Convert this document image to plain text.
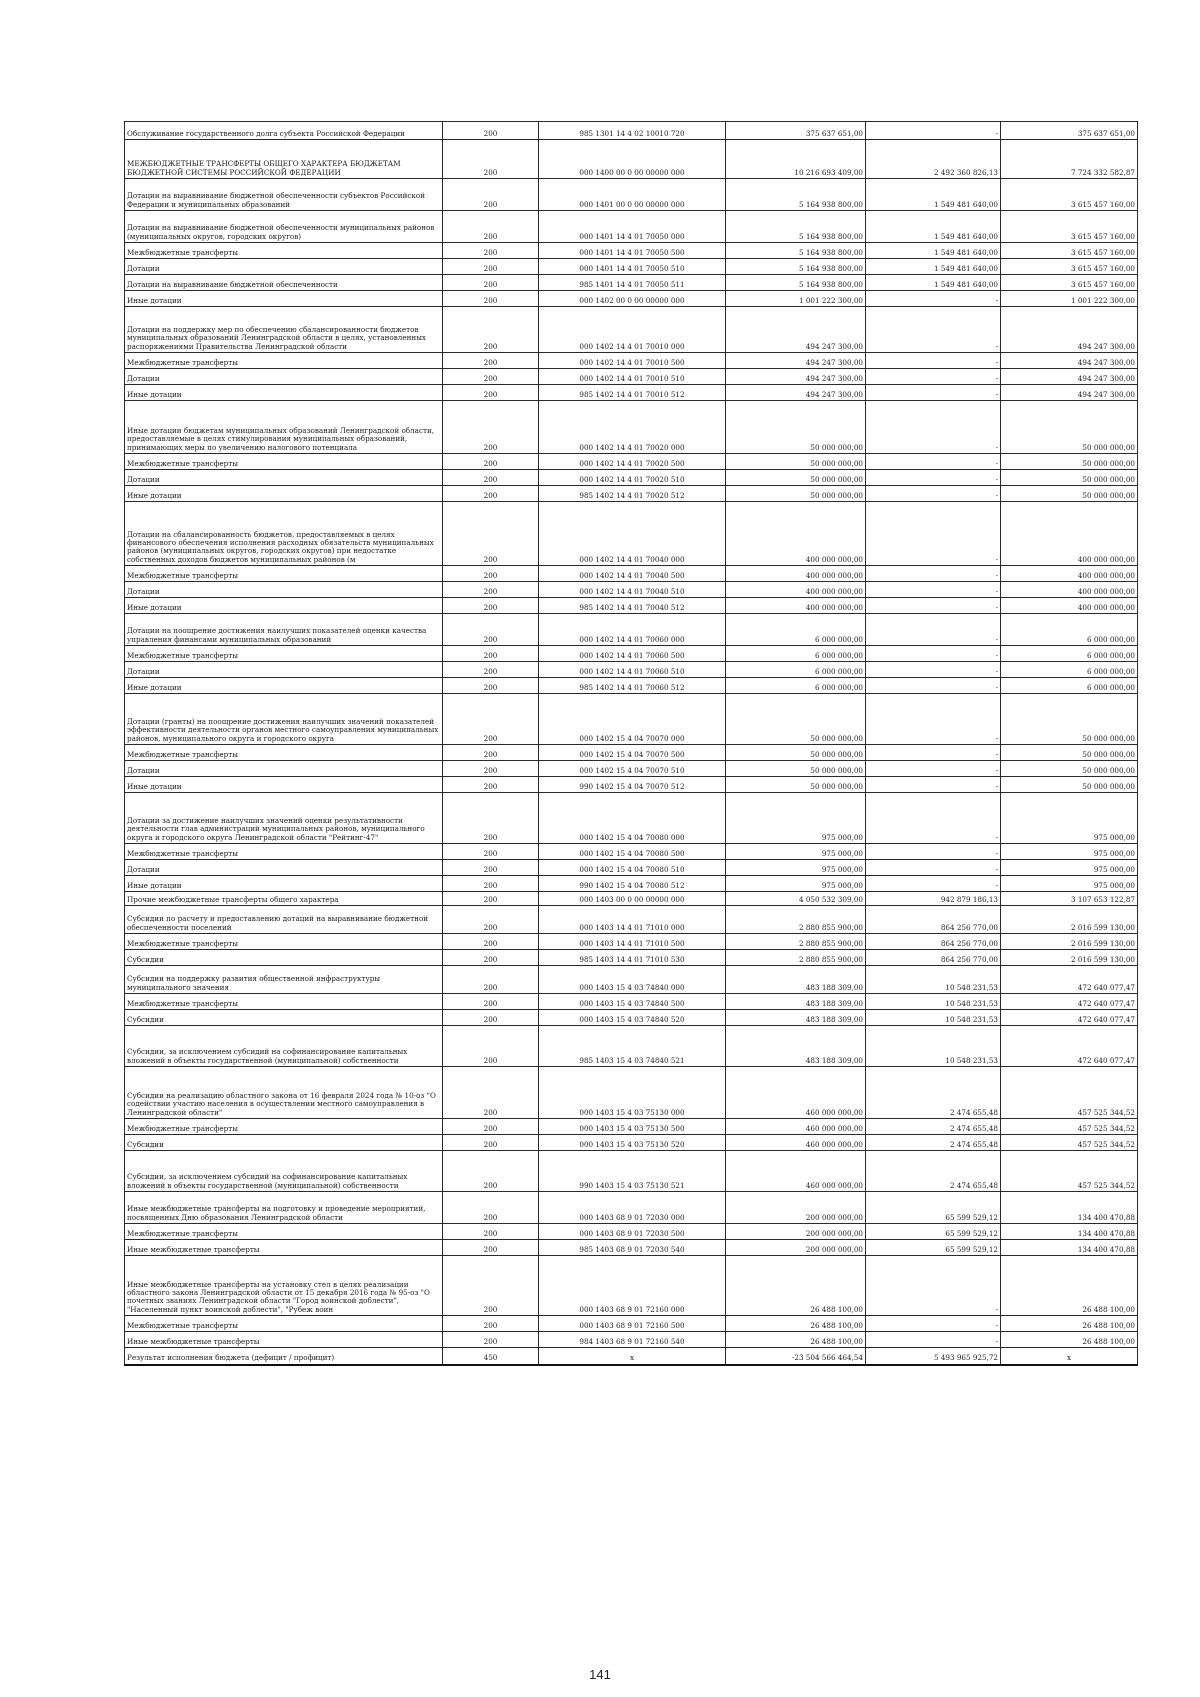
Обслуживание государственного долга субъекта Российской Федерации	200	985 1301 14 4 02 10010 720	375 637 651,00	-	375 637 651,00
МЕЖБЮДЖЕТНЫЕ ТРАНСФЕРТЫ ОБЩЕГО ХАРАКТЕРА БЮДЖЕТАМ БЮДЖЕТНОЙ СИСТЕМЫ РОССИЙСКОЙ ФЕДЕРАЦИИ	200	000 1400 00 0 00 00000 000	10 216 693 409,00	2 492 360 826,13	7 724 332 582,87
Дотации на выравнивание бюджетной обеспеченности субъектов Российской Федерации и муниципальных образований	200	000 1401 00 0 00 00000 000	5 164 938 800,00	1 549 481 640,00	3 615 457 160,00
Дотации на выравнивание бюджетной обеспеченности муниципальных районов (муниципальных округов, городских округов)	200	000 1401 14 4 01 70050 000	5 164 938 800,00	1 549 481 640,00	3 615 457 160,00
Межбюджетные трансферты	200	000 1401 14 4 01 70050 500	5 164 938 800,00	1 549 481 640,00	3 615 457 160,00
Дотации	200	000 1401 14 4 01 70050 510	5 164 938 800,00	1 549 481 640,00	3 615 457 160,00
Дотации на выравнивание бюджетной обеспеченности	200	985 1401 14 4 01 70050 511	5 164 938 800,00	1 549 481 640,00	3 615 457 160,00
Иные дотации	200	000 1402 00 0 00 00000 000	1 001 222 300,00	-	1 001 222 300,00
Дотации на поддержку мер по обеспечению сбалансированности бюджетов муниципальных образований Ленинградской области в целях, установленных распоряжениями Правительства Ленинградской области	200	000 1402 14 4 01 70010 000	494 247 300,00	-	494 247 300,00
Межбюджетные трансферты	200	000 1402 14 4 01 70010 500	494 247 300,00	-	494 247 300,00
Дотации	200	000 1402 14 4 01 70010 510	494 247 300,00	-	494 247 300,00
Иные дотации	200	985 1402 14 4 01 70010 512	494 247 300,00	-	494 247 300,00
Иные дотации бюджетам муниципальных образований Ленинградской области, предоставляемые в целях стимулирования муниципальных образований, принимающих меры по увеличению налогового потенциала	200	000 1402 14 4 01 70020 000	50 000 000,00	-	50 000 000,00
Межбюджетные трансферты	200	000 1402 14 4 01 70020 500	50 000 000,00	-	50 000 000,00
Дотации	200	000 1402 14 4 01 70020 510	50 000 000,00	-	50 000 000,00
Иные дотации	200	985 1402 14 4 01 70020 512	50 000 000,00	-	50 000 000,00
Дотации на сбалансированность бюджетов, предоставляемых в целях финансового обеспечения исполнения расходных обязательств муниципальных районов (муниципальных округов, городских округов) при недостатке собственных доходов бюджетов муниципальных районов (м	200	000 1402 14 4 01 70040 000	400 000 000,00	-	400 000 000,00
Межбюджетные трансферты	200	000 1402 14 4 01 70040 500	400 000 000,00	-	400 000 000,00
Дотации	200	000 1402 14 4 01 70040 510	400 000 000,00	-	400 000 000,00
Иные дотации	200	985 1402 14 4 01 70040 512	400 000 000,00	-	400 000 000,00
Дотации на поощрение достижения наилучших показателей оценки качества управления финансами муниципальных образований	200	000 1402 14 4 01 70060 000	6 000 000,00	-	6 000 000,00
Межбюджетные трансферты	200	000 1402 14 4 01 70060 500	6 000 000,00	-	6 000 000,00
Дотации	200	000 1402 14 4 01 70060 510	6 000 000,00	-	6 000 000,00
Иные дотации	200	985 1402 14 4 01 70060 512	6 000 000,00	-	6 000 000,00
Дотации (гранты) на поощрение достижения наилучших значений показателей эффективности деятельности органов местного самоуправления муниципальных районов, муниципального округа и городского округа	200	000 1402 15 4 04 70070 000	50 000 000,00	-	50 000 000,00
Межбюджетные трансферты	200	000 1402 15 4 04 70070 500	50 000 000,00	-	50 000 000,00
Дотации	200	000 1402 15 4 04 70070 510	50 000 000,00	-	50 000 000,00
Иные дотации	200	990 1402 15 4 04 70070 512	50 000 000,00	-	50 000 000,00
Дотации за достижение наилучших значений оценки результативности деятельности глав администраций муниципальных районов, муниципального округа и городского округа Ленинградской области "Рейтинг-47"	200	000 1402 15 4 04 70080 000	975 000,00	-	975 000,00
Межбюджетные трансферты	200	000 1402 15 4 04 70080 500	975 000,00	-	975 000,00
Дотации	200	000 1402 15 4 04 70080 510	975 000,00	-	975 000,00
Иные дотации	200	990 1402 15 4 04 70080 512	975 000,00	-	975 000,00
Прочие межбюджетные трансферты общего характера	200	000 1403 00 0 00 00000 000	4 050 532 309,00	942 879 186,13	3 107 653 122,87
Субсидии по расчету и предоставлению дотаций на выравнивание бюджетной обеспеченности поселений	200	000 1403 14 4 01 71010 000	2 880 855 900,00	864 256 770,00	2 016 599 130,00
Межбюджетные трансферты	200	000 1403 14 4 01 71010 500	2 880 855 900,00	864 256 770,00	2 016 599 130,00
Субсидии	200	985 1403 14 4 01 71010 530	2 880 855 900,00	864 256 770,00	2 016 599 130,00
Субсидии на поддержку развития общественной инфраструктуры муниципального значения	200	000 1403 15 4 03 74840 000	483 188 309,00	10 548 231,53	472 640 077,47
Межбюджетные трансферты	200	000 1403 15 4 03 74840 500	483 188 309,00	10 548 231,53	472 640 077,47
Субсидии	200	000 1403 15 4 03 74840 520	483 188 309,00	10 548 231,53	472 640 077,47
Субсидии, за исключением субсидий на софинансирование капитальных вложений в объекты государственной (муниципальной) собственности	200	985 1403 15 4 03 74840 521	483 188 309,00	10 548 231,53	472 640 077,47
Субсидии на реализацию областного закона от 16 февраля 2024 года № 10-оз "О содействии участию населения в осуществлении местного самоуправления в Ленинградской области"	200	000 1403 15 4 03 75130 000	460 000 000,00	2 474 655,48	457 525 344,52
Межбюджетные трансферты	200	000 1403 15 4 03 75130 500	460 000 000,00	2 474 655,48	457 525 344,52
Субсидии	200	000 1403 15 4 03 75130 520	460 000 000,00	2 474 655,48	457 525 344,52
Субсидии, за исключением субсидий на софинансирование капитальных вложений в объекты государственной (муниципальной) собственности	200	990 1403 15 4 03 75130 521	460 000 000,00	2 474 655,48	457 525 344,52
Иные межбюджетные трансферты на подготовку и проведение мероприятий, посвященных Дню образования Ленинградской области	200	000 1403 68 9 01 72030 000	200 000 000,00	65 599 529,12	134 400 470,88
Межбюджетные трансферты	200	000 1403 68 9 01 72030 500	200 000 000,00	65 599 529,12	134 400 470,88
Иные межбюджетные трансферты	200	985 1403 68 9 01 72030 540	200 000 000,00	65 599 529,12	134 400 470,88
Иные межбюджетные трансферты на установку стел в целях реализации областного закона Ленинградской области от 15 декабря 2016 года № 95-оз "О почетных званиях Ленинградской области "Город воинской доблести", "Населенный пункт воинской доблести", "Рубеж воин	200	000 1403 68 9 01 72160 000	26 488 100,00	-	26 488 100,00
Межбюджетные трансферты	200	000 1403 68 9 01 72160 500	26 488 100,00	-	26 488 100,00
Иные межбюджетные трансферты	200	984 1403 68 9 01 72160 540	26 488 100,00	-	26 488 100,00
Результат исполнения бюджета (дефицит / профицит)	450	x	-23 504 566 464,54	5 493 965 925,72	x
141
